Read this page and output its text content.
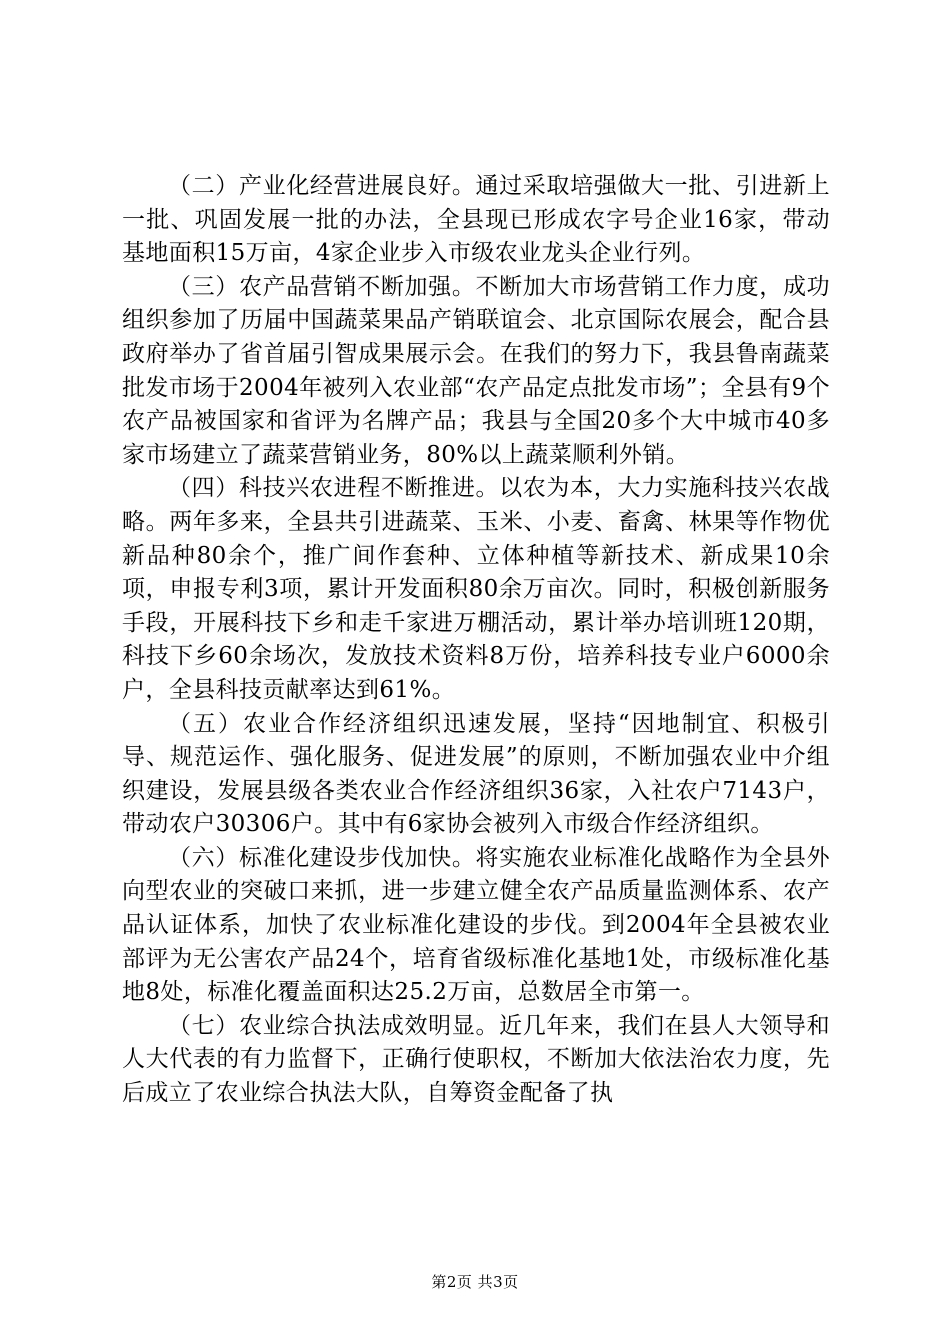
（二）产业化经营进展良好。通过采取培强做大一批、引进新上一批、巩固发展一批的办法，全县现已形成农字号企业16家，带动基地面积15万亩，4家企业步入市级农业龙头企业行列。

（三）农产品营销不断加强。不断加大市场营销工作力度，成功组织参加了历届中国蔬菜果品产销联谊会、北京国际农展会，配合县政府举办了省首届引智成果展示会。在我们的努力下，我县鲁南蔬菜批发市场于2004年被列入农业部“农产品定点批发市场”；全县有9个农产品被国家和省评为名牌产品；我县与全国20多个大中城市40多家市场建立了蔬菜营销业务，80%以上蔬菜顺利外销。

（四）科技兴农进程不断推进。以农为本，大力实施科技兴农战略。两年多来，全县共引进蔬菜、玉米、小麦、畜禽、林果等作物优新品种80余个，推广间作套种、立体种植等新技术、新成果10余项，申报专利3项，累计开发面积80余万亩次。同时，积极创新服务手段，开展科技下乡和走千家进万棚活动，累计举办培训班120期，科技下乡60余场次，发放技术资料8万份，培养科技专业户6000余户，全县科技贡献率达到61%。

（五）农业合作经济组织迅速发展，坚持“因地制宜、积极引导、规范运作、强化服务、促进发展”的原则，不断加强农业中介组织建设，发展县级各类农业合作经济组织36家，入社农户7143户，带动农户30306户。其中有6家协会被列入市级合作经济组织。

（六）标准化建设步伐加快。将实施农业标准化战略作为全县外向型农业的突破口来抓，进一步建立健全农产品质量监测体系、农产品认证体系，加快了农业标准化建设的步伐。到2004年全县被农业部评为无公害农产品24个，培育省级标准化基地1处，市级标准化基地8处，标准化覆盖面积达25.2万亩，总数居全市第一。

（七）农业综合执法成效明显。近几年来，我们在县人大领导和人大代表的有力监督下，正确行使职权，不断加大依法治农力度，先后成立了农业综合执法大队，自筹资金配备了执

第2页 共3页
